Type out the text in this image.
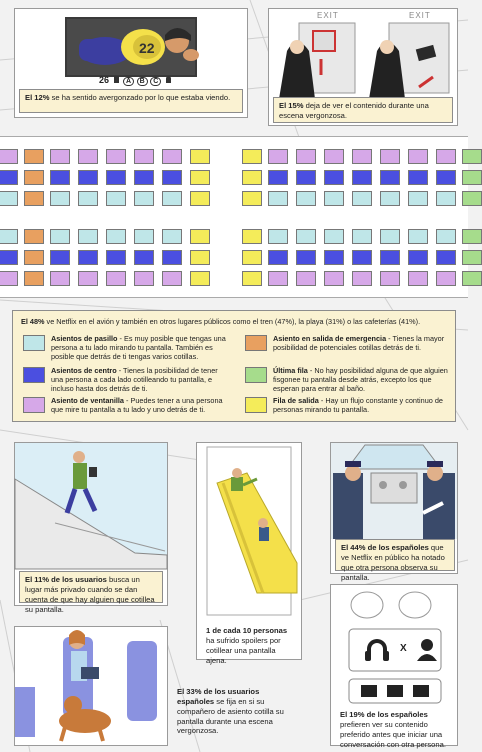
22
26 A B C
El 12% se ha sentido avergonzado por lo que estaba viendo.
EXIT	EXIT
El 15% deja de ver el contenido durante una escena vergonzosa.
El 48% ve Netflix en el avión y también en otros lugares públicos como el tren (47%), la playa (31%) o las cafeterías (41%).
Asientos de pasillo - Es muy posible que tengas una persona a tu lado mirando tu pantalla. También es posible que detrás de ti tengas varios cotillas.
Asientos de centro - Tienes la posibilidad de tener una persona a cada lado cotilleando tu pantalla, e incluso hasta dos detrás de ti.
Asiento de ventanilla - Puedes tener a una persona que mire tu pantalla a tu lado y uno detrás de ti.
Asiento en salida de emergencia - Tienes la mayor posibilidad de potenciales cotillas detrás de ti.
Última fila - No hay posibilidad alguna de que alguien fisgonee tu pantalla desde atrás, excepto los que esperan para entrar al baño.
Fila de salida - Hay un flujo constante y continuo de personas mirando tu pantalla.
El 11% de los usuarios busca un lugar más privado cuando se dan cuenta de que hay alguien que cotillea su pantalla.
1 de cada 10 personas ha sufrido spoilers por cotillear una pantalla ajena.
El 44% de los españoles que ve Netflix en público ha notado que otra persona observa su pantalla.
El 33% de los usuarios españoles se fija en si su compañero de asiento cotilla su pantalla durante una escena vergonzosa.
X
El 19% de los españoles prefieren ver su contenido preferido antes que iniciar una conversación con otra persona.
